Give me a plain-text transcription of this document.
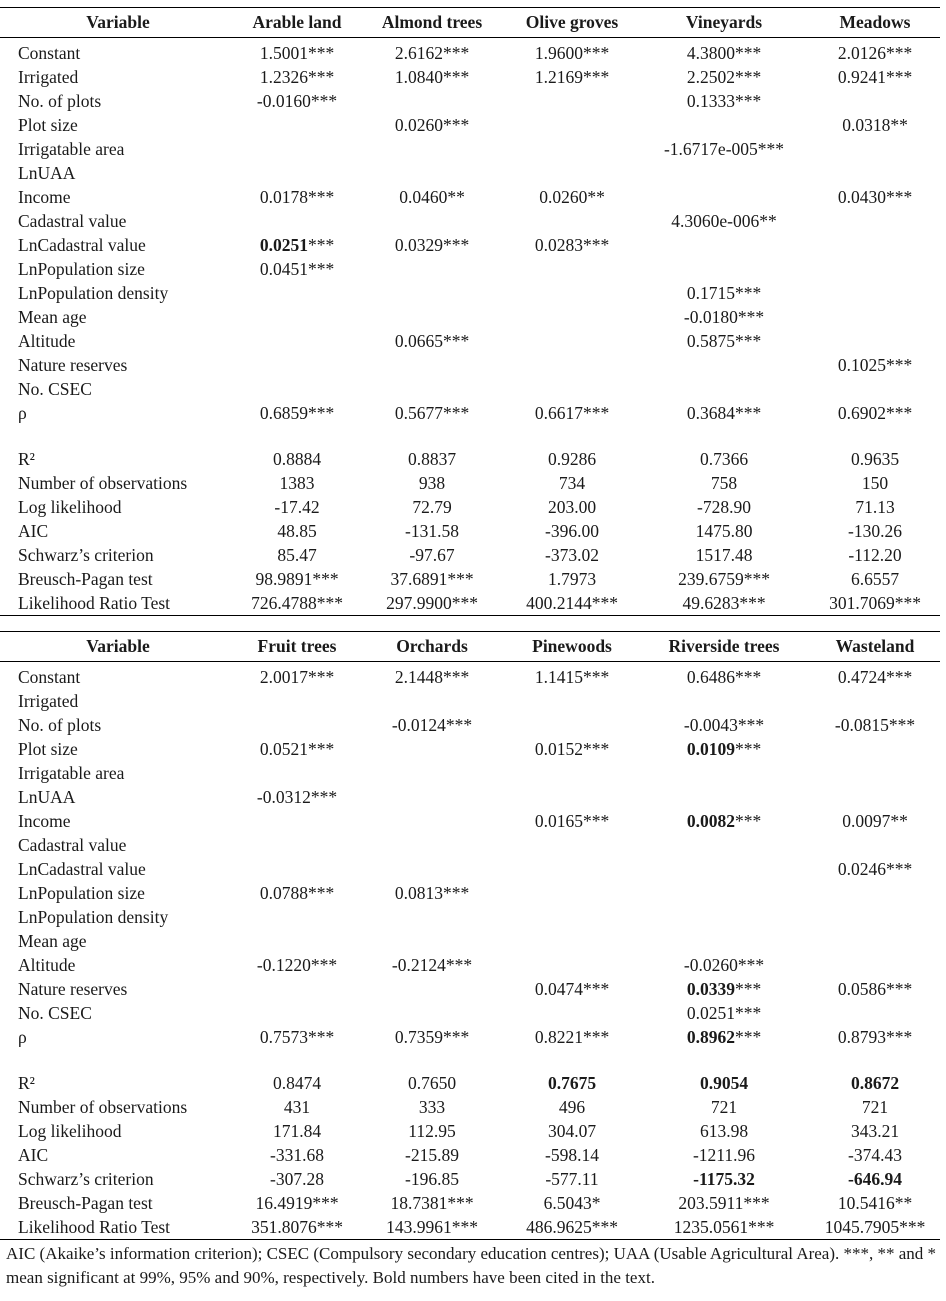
Variable	Arable land	Almond trees	Olive groves	Vineyards	Meadows
Constant	1.5001***	2.6162***	1.9600***	4.3800***	2.0126***
Irrigated	1.2326***	1.0840***	1.2169***	2.2502***	0.9241***
No. of plots	-0.0160***			0.1333***	
Plot size		0.0260***			0.0318**
Irrigatable area				-1.6717e-005***	
LnUAA					
Income	0.0178***	0.0460**	0.0260**		0.0430***
Cadastral value				4.3060e-006**	
LnCadastral value	0.0251***	0.0329***	0.0283***		
LnPopulation size	0.0451***				
LnPopulation density				0.1715***	
Mean age				-0.0180***	
Altitude		0.0665***		0.5875***	
Nature reserves					0.1025***
No. CSEC					
ρ	0.6859***	0.5677***	0.6617***	0.3684***	0.6902***

R²	0.8884	0.8837	0.9286	0.7366	0.9635
Number of observations	1383	938	734	758	150
Log likelihood	-17.42	72.79	203.00	-728.90	71.13
AIC	48.85	-131.58	-396.00	1475.80	-130.26
Schwarz’s criterion	85.47	-97.67	-373.02	1517.48	-112.20
Breusch-Pagan test	98.9891***	37.6891***	1.7973	239.6759***	6.6557
Likelihood Ratio Test	726.4788***	297.9900***	400.2144***	49.6283***	301.7069***
Variable	Fruit trees	Orchards	Pinewoods	Riverside trees	Wasteland
Constant	2.0017***	2.1448***	1.1415***	0.6486***	0.4724***
Irrigated					
No. of plots		-0.0124***		-0.0043***	-0.0815***
Plot size	0.0521***		0.0152***	0.0109***	
Irrigatable area					
LnUAA	-0.0312***				
Income			0.0165***	0.0082***	0.0097**
Cadastral value					
LnCadastral value					0.0246***
LnPopulation size	0.0788***	0.0813***			
LnPopulation density					
Mean age					
Altitude	-0.1220***	-0.2124***		-0.0260***	
Nature reserves			0.0474***	0.0339***	0.0586***
No. CSEC				0.0251***	
ρ	0.7573***	0.7359***	0.8221***	0.8962***	0.8793***

R²	0.8474	0.7650	0.7675	0.9054	0.8672
Number of observations	431	333	496	721	721
Log likelihood	171.84	112.95	304.07	613.98	343.21
AIC	-331.68	-215.89	-598.14	-1211.96	-374.43
Schwarz’s criterion	-307.28	-196.85	-577.11	-1175.32	-646.94
Breusch-Pagan test	16.4919***	18.7381***	6.5043*	203.5911***	10.5416**
Likelihood Ratio Test	351.8076***	143.9961***	486.9625***	1235.0561***	1045.7905***
AIC (Akaike’s information criterion); CSEC (Compulsory secondary education centres); UAA (Usable Agricultural Area). ***, ** and * mean significant at 99%, 95% and 90%, respectively. Bold numbers have been cited in the text.
